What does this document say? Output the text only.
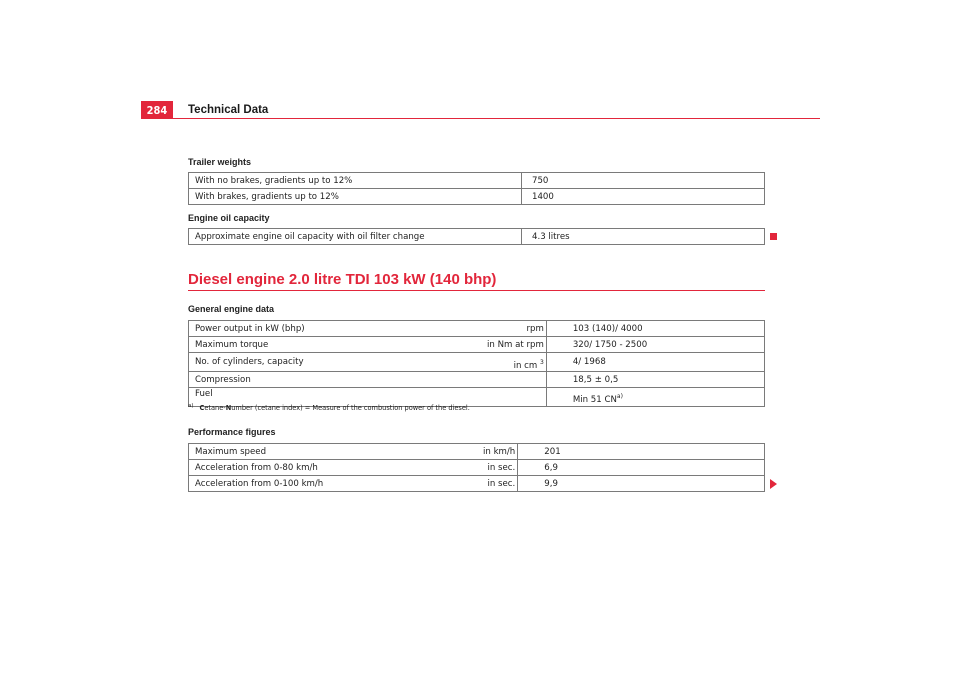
284	Technical Data
Trailer weights
With no brakes, gradients up to 12%	750
With brakes, gradients up to 12%	1400
Engine oil capacity
Approximate engine oil capacity with oil filter change	4.3 litres
Diesel engine 2.0 litre TDI 103 kW (140 bhp)
General engine data
Power output in kW (bhp)	rpm	103 (140)/ 4000
Maximum torque	in Nm at rpm	320/ 1750 - 2500
No. of cylinders, capacity	in cm $^3$	4/ 1968
Compression		18,5 ± 0,5
Fuel		Min 51 CN$^{a)}$
$^{a)}$ Cetane-Number (cetane index) = Measure of the combustion power of the diesel.
Performance figures
Maximum speed	in km/h	201
Acceleration from 0-80 km/h	in sec.	6,9
Acceleration from 0-100 km/h	in sec.	9,9
